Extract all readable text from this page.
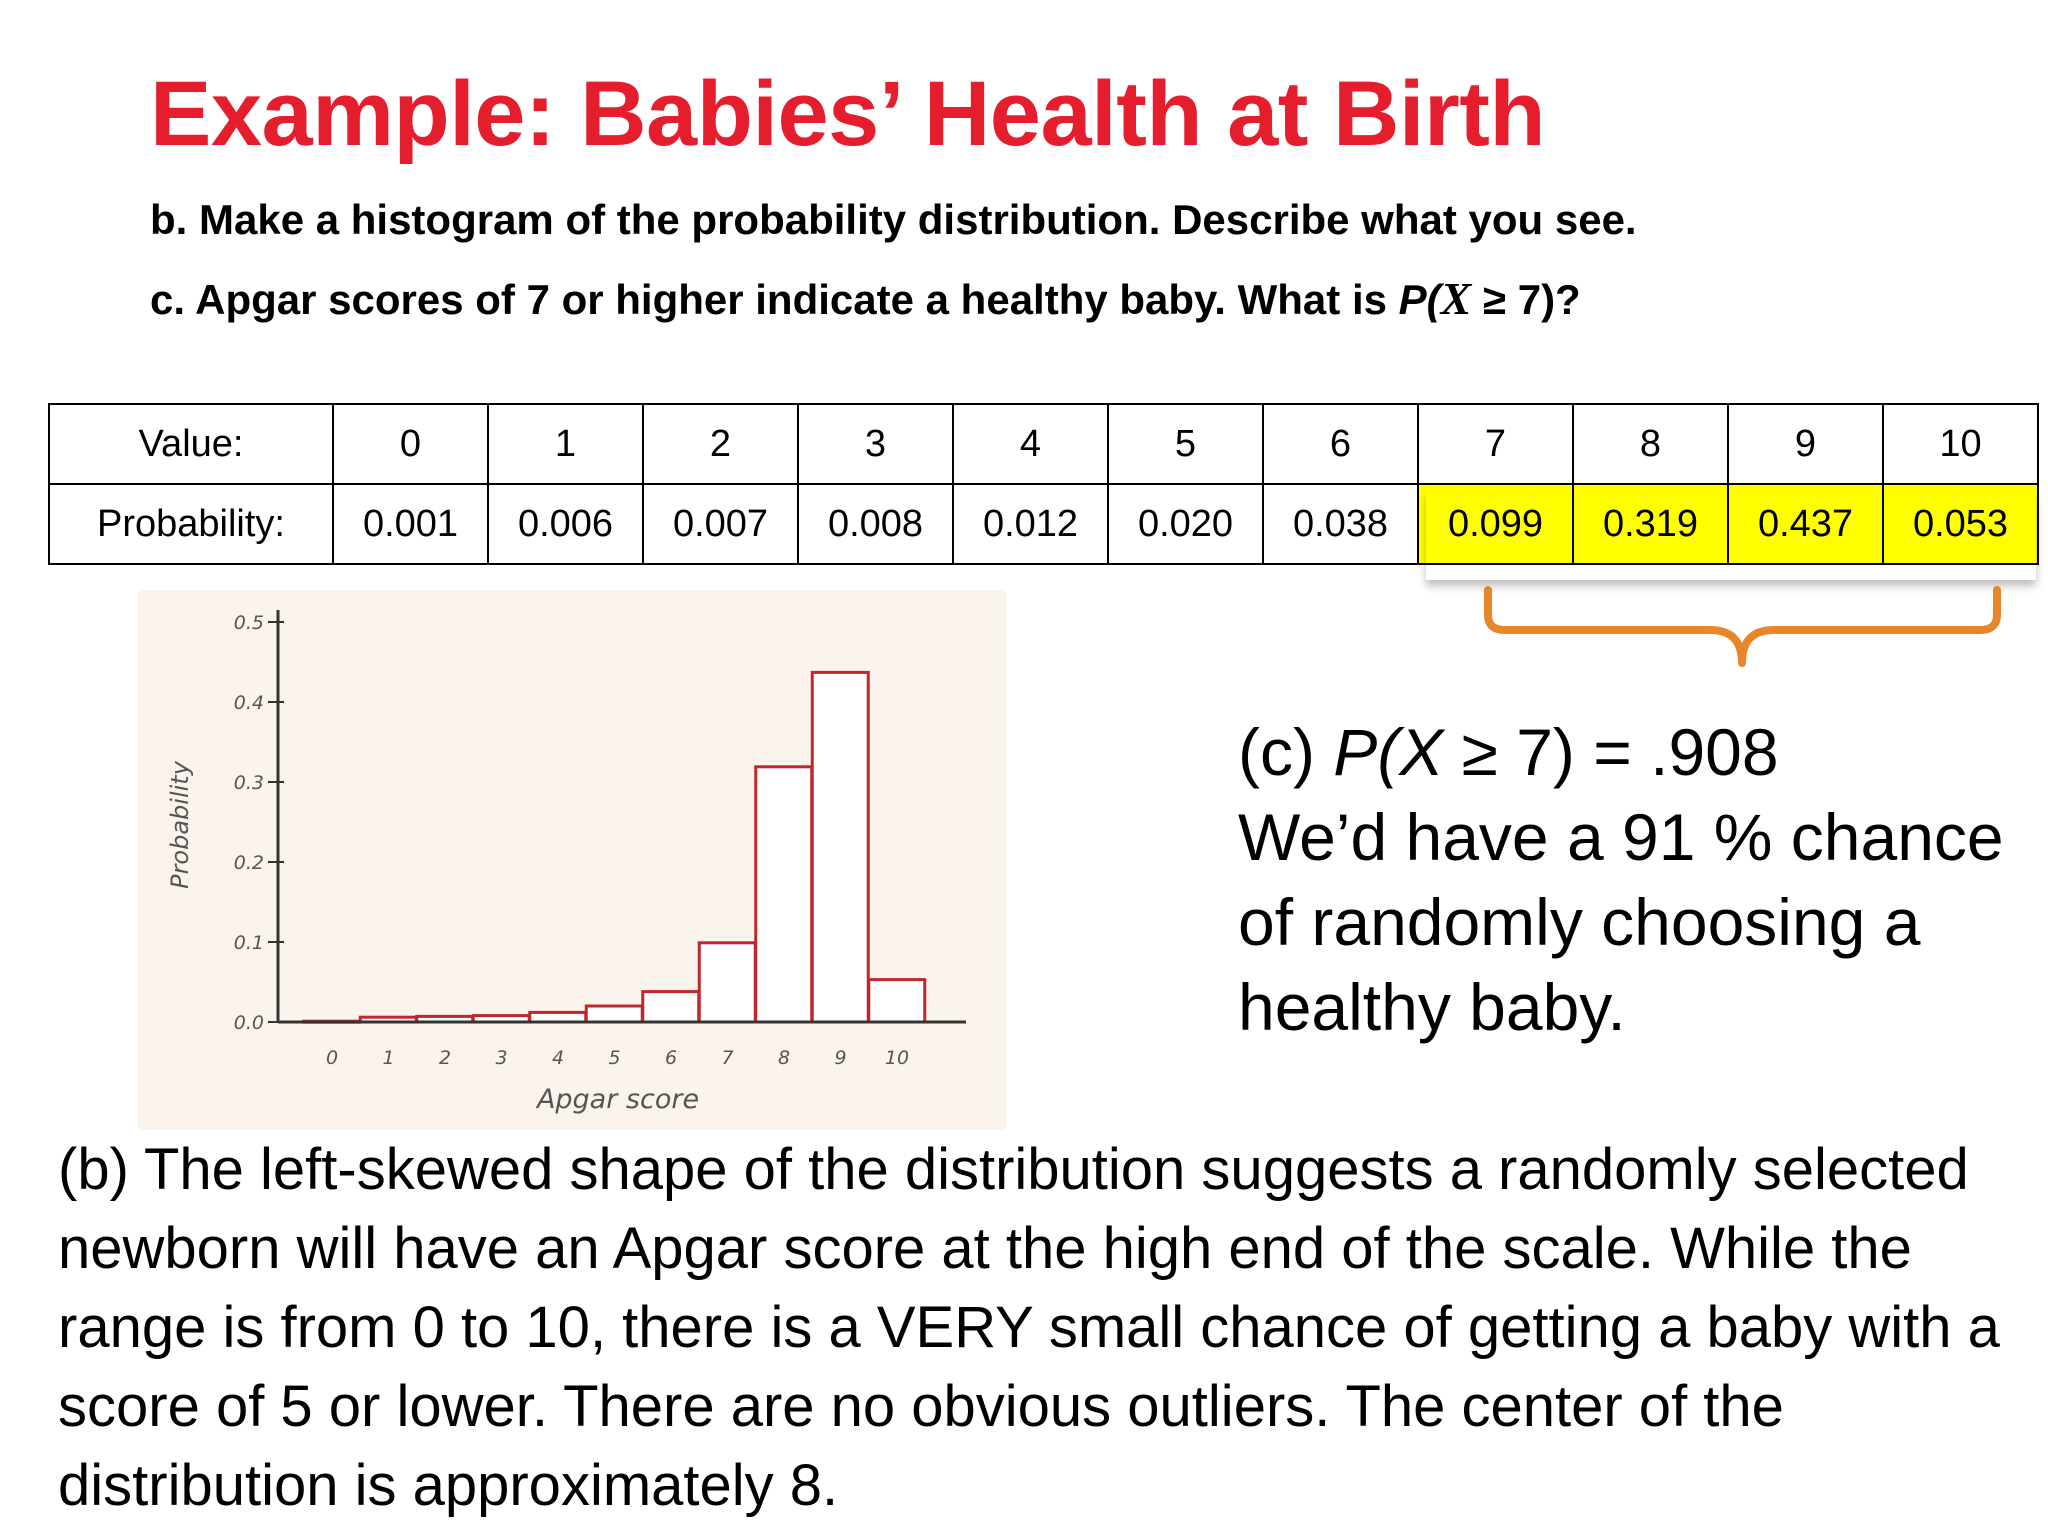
Example: Babies’ Health at Birth
b. Make a histogram of the probability distribution. Describe what you see.
c. Apgar scores of 7 or higher indicate a healthy baby. What is P(X ≥ 7)?
Value:	0	1	2	3	4	5	6	7	8	9	10
Probability:	0.001	0.006	0.007	0.008	0.012	0.020	0.038	0.099	0.319	0.437	0.053
0.0
0.1
0.2
0.3
0.4
0.5
Probability
0 1 2 3 4 5 6 7 8 9 10
Apgar score
(c) P(X ≥ 7) = .908
We’d have a 91 % chance of randomly choosing a healthy baby.
(b) The left-skewed shape of the distribution suggests a randomly selected newborn will have an Apgar score at the high end of the scale. While the range is from 0 to 10, there is a VERY small chance of getting a baby with a score of 5 or lower. There are no obvious outliers. The center of the distribution is approximately 8.
